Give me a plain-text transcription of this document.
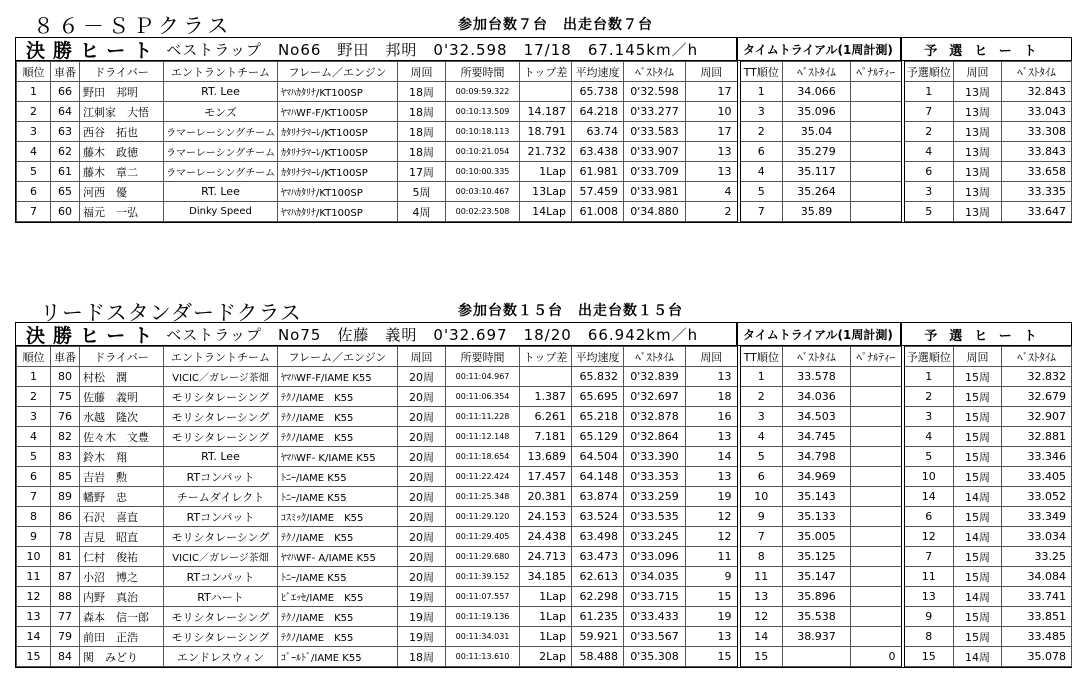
８６－ＳＰクラス	参加台数７台　出走台数７台
決勝ヒート ベストラップ　No66　野田　邦明　0'32.598　17/18　67.145km／h	タイムトライアル(1周計測)	予選ヒート
順位	車番	ドライバー	エントラントチーム	フレーム／エンジン	周回	所要時間	トップ差	平均速度	ﾍﾞｽﾄﾀｲﾑ	周回	TT順位	ﾍﾞｽﾄﾀｲﾑ	ﾍﾟﾅﾙﾃｨｰ	予選順位	周回	ﾍﾞｽﾄﾀｲﾑ
1	66	野田　邦明	RT. Lee	ﾔﾏﾊｶﾀﾘﾅ/KT100SP	18周	00:09:59.322		65.738	0'32.598	17	1	34.066		1	13周	32.843
2	64	江刺家　大悟	モンズ	ﾔﾏﾊWF-F/KT100SP	18周	00:10:13.509	14.187	64.218	0'33.277	10	3	35.096		7	13周	33.043
3	63	西谷　拓也	ラマーレーシングチーム	ｶﾀﾘﾅﾗﾏｰﾚ/KT100SP	18周	00:10:18.113	18.791	63.74	0'33.583	17	2	35.04		2	13周	33.308
4	62	藤木　政徳	ラマーレーシングチーム	ｶﾀﾘﾅﾗﾏｰﾚ/KT100SP	18周	00:10:21.054	21.732	63.438	0'33.907	13	6	35.279		4	13周	33.843
5	61	藤木　章二	ラマーレーシングチーム	ｶﾀﾘﾅﾗﾏｰﾚ/KT100SP	17周	00:10:00.335	1Lap	61.981	0'33.709	13	4	35.117		6	13周	33.658
6	65	河西　優	RT. Lee	ﾔﾏﾊｶﾀﾘﾅ/KT100SP	5周	00:03:10.467	13Lap	57.459	0'33.981	4	5	35.264		3	13周	33.335
7	60	福元　一弘	Dinky Speed	ﾔﾏﾊｶﾀﾘﾅ/KT100SP	4周	00:02:23.508	14Lap	61.008	0'34.880	2	7	35.89		5	13周	33.647
リードスタンダードクラス	参加台数１５台　出走台数１５台
決勝ヒート ベストラップ　No75　佐藤　義明　0'32.697　18/20　66.942km／h	タイムトライアル(1周計測)	予選ヒート
順位	車番	ドライバー	エントラントチーム	フレーム／エンジン	周回	所要時間	トップ差	平均速度	ﾍﾞｽﾄﾀｲﾑ	周回	TT順位	ﾍﾞｽﾄﾀｲﾑ	ﾍﾟﾅﾙﾃｨｰ	予選順位	周回	ﾍﾞｽﾄﾀｲﾑ
1	80	村松　潤	VICIC／ガレージ茶畑	ﾔﾏﾊWF-F/IAME K55	20周	00:11:04.967		65.832	0'32.839	13	1	33.578		1	15周	32.832
2	75	佐藤　義明	モリシタレーシング	ﾃｸﾉ/IAME　K55	20周	00:11:06.354	1.387	65.695	0'32.697	18	2	34.036		2	15周	32.679
3	76	水越　隆次	モリシタレーシング	ﾃｸﾉ/IAME　K55	20周	00:11:11.228	6.261	65.218	0'32.878	16	3	34.503		3	15周	32.907
4	82	佐々木　文豊	モリシタレーシング	ﾃｸﾉ/IAME　K55	20周	00:11:12.148	7.181	65.129	0'32.864	13	4	34.745		4	15周	32.881
5	83	鈴木　翔	RT. Lee	ﾔﾏﾊWF- K/IAME K55	20周	00:11:18.654	13.689	64.504	0'33.390	14	5	34.798		5	15周	33.346
6	85	吉岩　勲	RTコンパット	ﾄﾆｰ/IAME K55	20周	00:11:22.424	17.457	64.148	0'33.353	13	6	34.969		10	15周	33.405
7	89	幡野　忠	チームダイレクト	ﾄﾆｰ/IAME K55	20周	00:11:25.348	20.381	63.874	0'33.259	19	10	35.143		14	14周	33.052
8	86	石沢　喜直	RTコンパット	ｺｽﾐｯｸ/IAME　K55	20周	00:11:29.120	24.153	63.524	0'33.535	12	9	35.133		6	15周	33.349
9	78	吉見　昭直	モリシタレーシング	ﾃｸﾉ/IAME　K55	20周	00:11:29.405	24.438	63.498	0'33.245	12	7	35.005		12	14周	33.034
10	81	仁村　俊祐	VICIC／ガレージ茶畑	ﾔﾏﾊWF- A/IAME K55	20周	00:11:29.680	24.713	63.473	0'33.096	11	8	35.125		7	15周	33.25
11	87	小沼　博之	RTコンパット	ﾄﾆｰ/IAME K55	20周	00:11:39.152	34.185	62.613	0'34.035	9	11	35.147		11	15周	34.084
12	88	内野　真治	RTハート	ﾋﾞｴｯｾ/IAME　K55	19周	00:11:07.557	1Lap	62.298	0'33.715	15	13	35.896		13	14周	33.741
13	77	森本　信一郎	モリシタレーシング	ﾃｸﾉ/IAME　K55	19周	00:11:19.136	1Lap	61.235	0'33.433	19	12	35.538		9	15周	33.851
14	79	前田　正浩	モリシタレーシング	ﾃｸﾉ/IAME　K55	19周	00:11:34.031	1Lap	59.921	0'33.567	13	14	38.937		8	15周	33.485
15	84	関　みどり	エンドレスウィン	ｺﾞｰﾙﾄﾞ/IAME K55	18周	00:11:13.610	2Lap	58.488	0'35.308	15	15		0	15	14周	35.078
